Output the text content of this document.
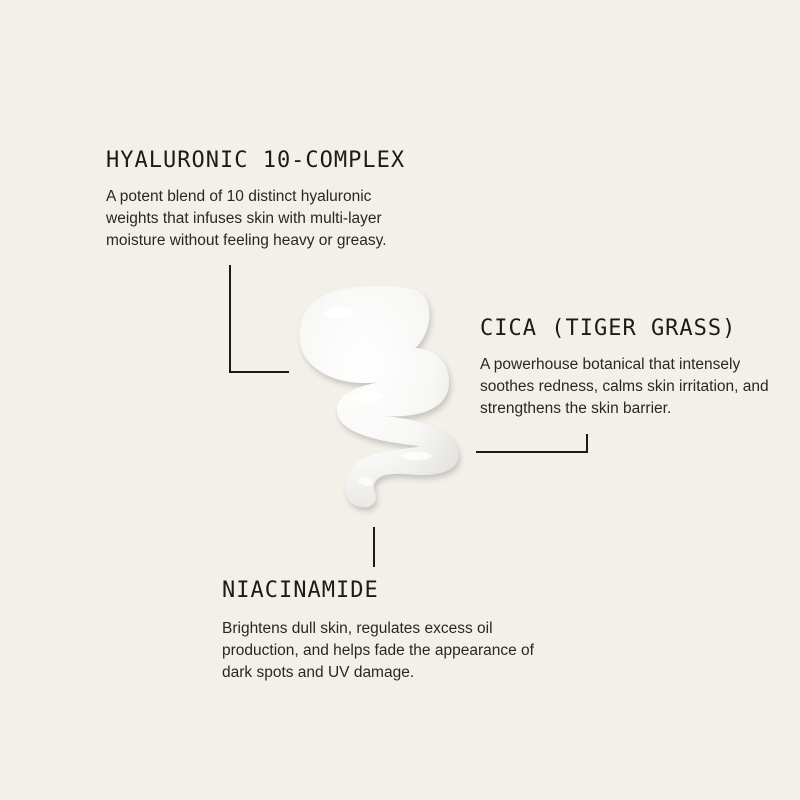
HYALURONIC 10-COMPLEX

A potent blend of 10 distinct hyaluronic weights that infuses skin with multi-layer moisture without feeling heavy or greasy.

CICA (TIGER GRASS)

A powerhouse botanical that intensely soothes redness, calms skin irritation, and strengthens the skin barrier.

NIACINAMIDE

Brightens dull skin, regulates excess oil production, and helps fade the appearance of dark spots and UV damage.
